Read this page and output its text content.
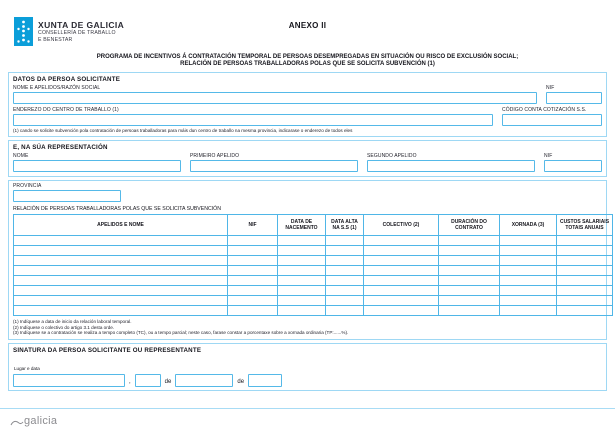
XUNTA DE GALICIA
CONSELLERÍA DE TRABALLO
E BENESTAR
ANEXO II
PROGRAMA DE INCENTIVOS Á CONTRATACIÓN TEMPORAL DE PERSOAS DESEMPREGADAS EN SITUACIÓN OU RISCO DE EXCLUSIÓN SOCIAL;
RELACIÓN DE PERSOAS TRABALLADORAS POLAS QUE SE SOLICITA SUBVENCIÓN (1)
DATOS DA PERSOA SOLICITANTE
NOME E APELIDOS/RAZÓN SOCIAL	NIF
ENDEREZO DO CENTRO DE TRABALLO (1)	CÓDIGO CONTA COTIZACIÓN S.S.
(1) cando se solicite subvención pola contratación de persoas traballadoras para máis dun centro de traballo na mesma provincia, indicarase o enderezo de todos eles
E, NA SÚA REPRESENTACIÓN
NOME	PRIMEIRO APELIDO	SEGUNDO APELIDO	NIF
PROVINCIA
RELACIÓN DE PERSOAS TRABALLADORAS POLAS QUE SE SOLICITA SUBVENCIÓN
APELIDOS E NOME	NIF	DATA DE NACEMENTO	DATA ALTA NA S.S (1)	COLECTIVO (2)	DURACIÓN DO CONTRATO	XORNADA (3)	CUSTOS SALARIAIS TOTAIS ANUAIS

(1) Indíquese a data de inicio da relación laboral temporal.
(2) Indíquese o colectivo do artigo 3.1 desta orde.
(3) Indíquese se a contratación se realiza a tempo completo (TC), ou a tempo parcial; neste caso, farase constar a porcentaxe sobre a xornada ordinaria (TP:......%).
SINATURA DA PERSOA SOLICITANTE OU REPRESENTANTE
Lugar e data
,	de	de
galicia
